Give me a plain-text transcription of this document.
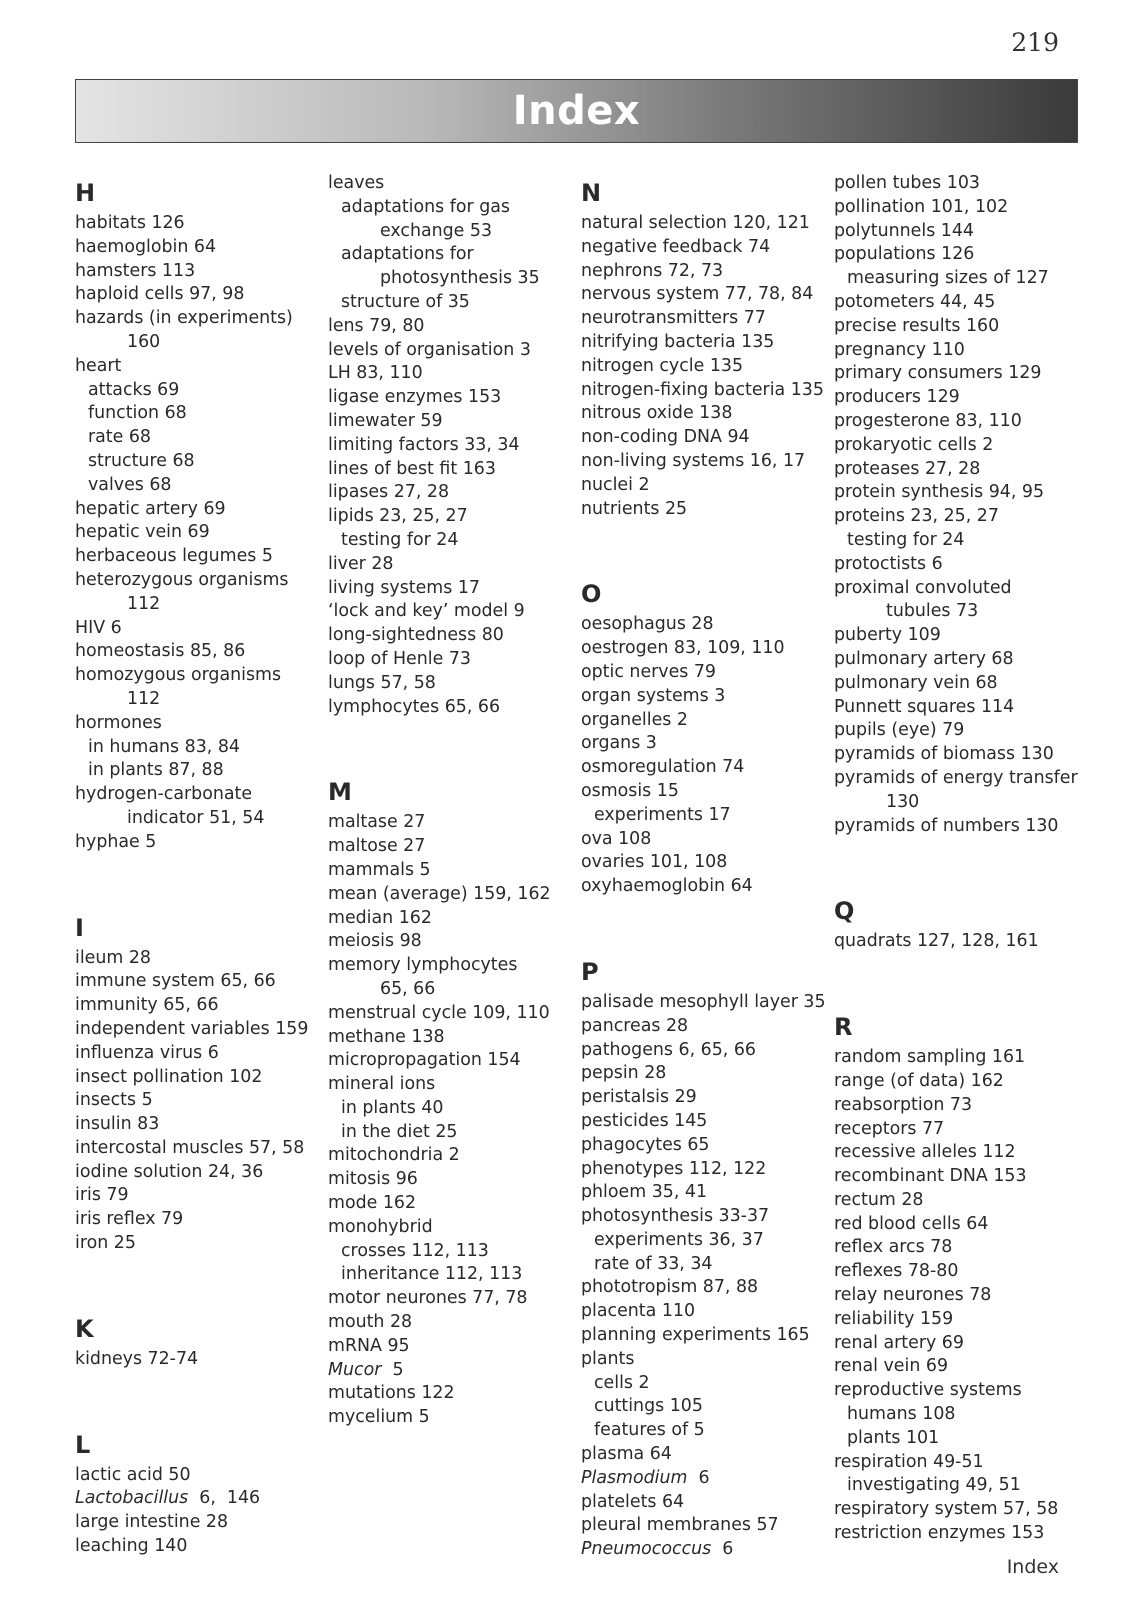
219
Index
H
habitats 126
haemoglobin 64
hamsters 113
haploid cells 97, 98
hazards (in experiments)
160
heart
attacks 69
function 68
rate 68
structure 68
valves 68
hepatic artery 69
hepatic vein 69
herbaceous legumes 5
heterozygous organisms
112
HIV 6
homeostasis 85, 86
homozygous organisms
112
hormones
in humans 83, 84
in plants 87, 88
hydrogen-carbonate
indicator 51, 54
hyphae 5
I
ileum 28
immune system 65, 66
immunity 65, 66
independent variables 159
influenza virus 6
insect pollination 102
insects 5
insulin 83
intercostal muscles 57, 58
iodine solution 24, 36
iris 79
iris reflex 79
iron 25
K
kidneys 72-74
L
lactic acid 50
Lactobacillus  6,  146
large intestine 28
leaching 140
leaves
adaptations for gas
exchange 53
adaptations for
photosynthesis 35
structure of 35
lens 79, 80
levels of organisation 3
LH 83, 110
ligase enzymes 153
limewater 59
limiting factors 33, 34
lines of best fit 163
lipases 27, 28
lipids 23, 25, 27
testing for 24
liver 28
living systems 17
‘lock and key’ model 9
long-sightedness 80
loop of Henle 73
lungs 57, 58
lymphocytes 65, 66
M
maltase 27
maltose 27
mammals 5
mean (average) 159, 162
median 162
meiosis 98
memory lymphocytes
65, 66
menstrual cycle 109, 110
methane 138
micropropagation 154
mineral ions
in plants 40
in the diet 25
mitochondria 2
mitosis 96
mode 162
monohybrid
crosses 112, 113
inheritance 112, 113
motor neurones 77, 78
mouth 28
mRNA 95
Mucor  5
mutations 122
mycelium 5
N
natural selection 120, 121
negative feedback 74
nephrons 72, 73
nervous system 77, 78, 84
neurotransmitters 77
nitrifying bacteria 135
nitrogen cycle 135
nitrogen-fixing bacteria 135
nitrous oxide 138
non-coding DNA 94
non-living systems 16, 17
nuclei 2
nutrients 25
O
oesophagus 28
oestrogen 83, 109, 110
optic nerves 79
organ systems 3
organelles 2
organs 3
osmoregulation 74
osmosis 15
experiments 17
ova 108
ovaries 101, 108
oxyhaemoglobin 64
P
palisade mesophyll layer 35
pancreas 28
pathogens 6, 65, 66
pepsin 28
peristalsis 29
pesticides 145
phagocytes 65
phenotypes 112, 122
phloem 35, 41
photosynthesis 33-37
experiments 36, 37
rate of 33, 34
phototropism 87, 88
placenta 110
planning experiments 165
plants
cells 2
cuttings 105
features of 5
plasma 64
Plasmodium  6
platelets 64
pleural membranes 57
Pneumococcus  6
pollen tubes 103
pollination 101, 102
polytunnels 144
populations 126
measuring sizes of 127
potometers 44, 45
precise results 160
pregnancy 110
primary consumers 129
producers 129
progesterone 83, 110
prokaryotic cells 2
proteases 27, 28
protein synthesis 94, 95
proteins 23, 25, 27
testing for 24
protoctists 6
proximal convoluted
tubules 73
puberty 109
pulmonary artery 68
pulmonary vein 68
Punnett squares 114
pupils (eye) 79
pyramids of biomass 130
pyramids of energy transfer
130
pyramids of numbers 130
Q
quadrats 127, 128, 161
R
random sampling 161
range (of data) 162
reabsorption 73
receptors 77
recessive alleles 112
recombinant DNA 153
rectum 28
red blood cells 64
reflex arcs 78
reflexes 78-80
relay neurones 78
reliability 159
renal artery 69
renal vein 69
reproductive systems
humans 108
plants 101
respiration 49-51
investigating 49, 51
respiratory system 57, 58
restriction enzymes 153
Index
